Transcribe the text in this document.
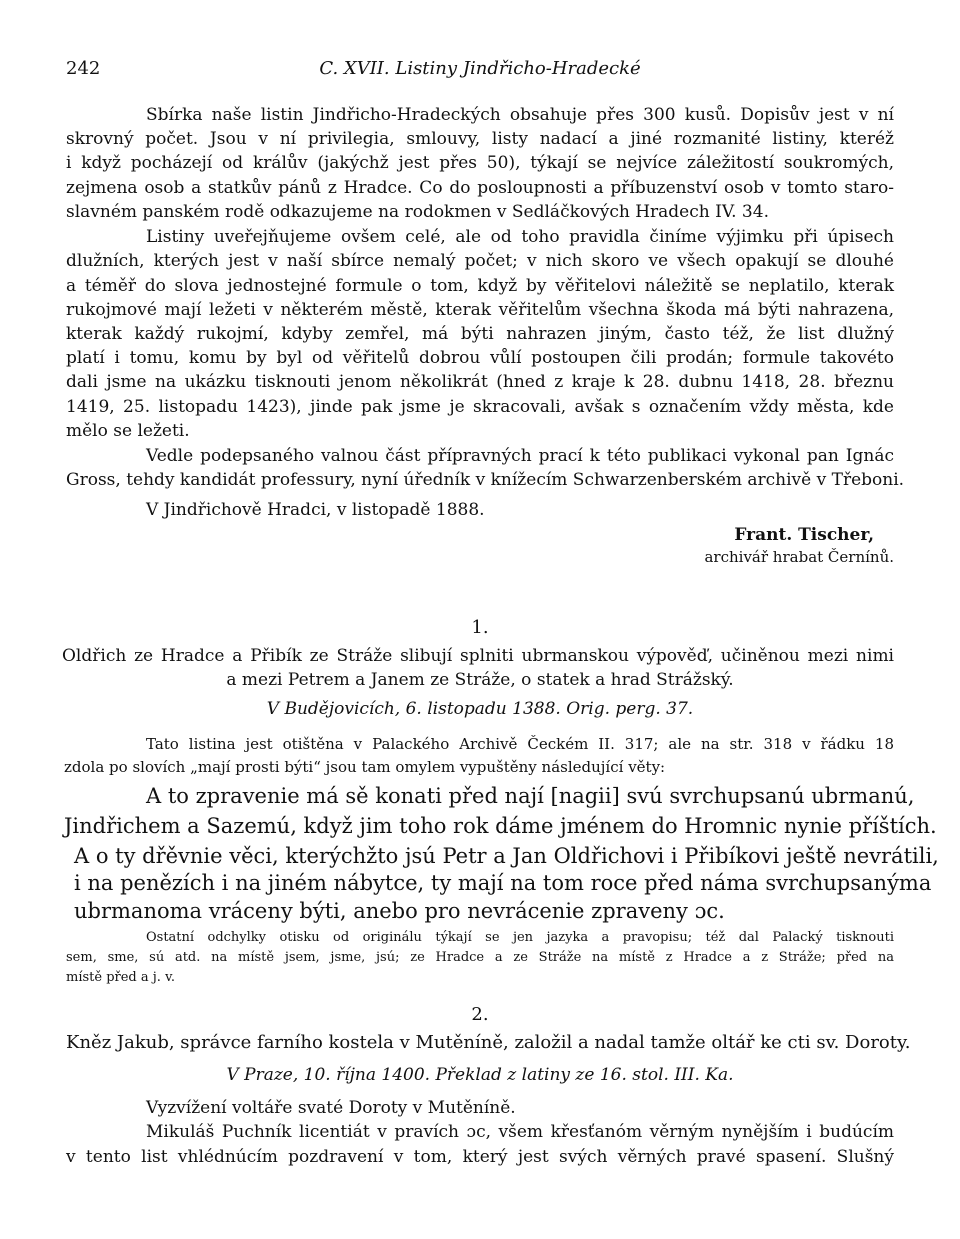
242	C. XVII. Listiny Jindřicho-Hradecké
Sbírka naše listin Jindřicho-Hradeckých obsahuje přes 300 kusů. Dopisův jest v ní
skrovný počet. Jsou v ní privilegia, smlouvy, listy nadací a jiné rozmanité listiny, kteréž
i když pocházejí od králův (jakýchž jest přes 50), týkají se nejvíce záležitostí soukromých,
zejmena osob a statkův pánů z Hradce. Co do posloupnosti a příbuzenství osob v tomto staro-
slavném panském rodě odkazujeme na rodokmen v Sedláčkových Hradech IV. 34.
Listiny uveřejňujeme ovšem celé, ale od toho pravidla činíme výjimku při úpisech
dlužních, kterých jest v naší sbírce nemalý počet; v nich skoro ve všech opakují se dlouhé
a téměř do slova jednostejné formule o tom, když by věřitelovi náležitě se neplatilo, kterak
rukojmové mají ležeti v některém městě, kterak věřitelům všechna škoda má býti nahrazena,
kterak každý rukojmí, kdyby zemřel, má býti nahrazen jiným, často též, že list dlužný
platí i tomu, komu by byl od věřitelů dobrou vůlí postoupen čili prodán; formule takovéto
dali jsme na ukázku tisknouti jenom několikrát (hned z kraje k 28. dubnu 1418, 28. březnu
1419, 25. listopadu 1423), jinde pak jsme je skracovali, avšak s označením vždy města, kde
mělo se ležeti.
Vedle podepsaného valnou část přípravných prací k této publikaci vykonal pan Ignác
Gross, tehdy kandidát professury, nyní úředník v knížecím Schwarzenberském archivě v Třeboni.
V Jindřichově Hradci, v listopadě 1888.
Frant. Tischer,
archivář hrabat Černínů.
1.
Oldřich ze Hradce a Přibík ze Stráže slibují splniti ubrmanskou výpověď, učiněnou mezi nimi
a mezi Petrem a Janem ze Stráže, o statek a hrad Strážský.
V Budějovicích, 6. listopadu 1388. Orig. perg. 37.
Tato listina jest otištěna v Palackého Archivě Čeckém II. 317; ale na str. 318 v řádku 18
zdola po slovích „mají prosti býti“ jsou tam omylem vypuštěny následující věty:
A to zpravenie má sě konati před nají [nagii] svú svrchupsanú ubrmanú,
Jindřichem a Sazemú, když jim toho rok dáme jménem do Hromnic nynie příštích.
A o ty dřěvnie věci, kterýchžto jsú Petr a Jan Oldřichovi i Přibíkovi ještě nevrátili,
i na penězích i na jiném nábytce, ty mají na tom roce před náma svrchupsanýma
ubrmanoma vráceny býti, anebo pro nevrácenie zpraveny ɔc.
Ostatní odchylky otisku od originálu týkají se jen jazyka a pravopisu; též dal Palacký tisknouti
sem, sme, sú atd. na místě jsem, jsme, jsú; ze Hradce a ze Stráže na místě z Hradce a z Stráže; před na
místě před a j. v.
2.
Kněz Jakub, správce farního kostela v Mutěníně, založil a nadal tamže oltář ke cti sv. Doroty.
V Praze, 10. října 1400. Překlad z latiny ze 16. stol. III. Ka.
Vyzvížení voltáře svaté Doroty v Mutěníně.
Mikuláš Puchník licentiát v pravích ɔc, všem křesťanóm věrným nynějším i budúcím
v tento list vhlédnúcím pozdravení v tom, který jest svých věrných pravé spasení. Slušný
